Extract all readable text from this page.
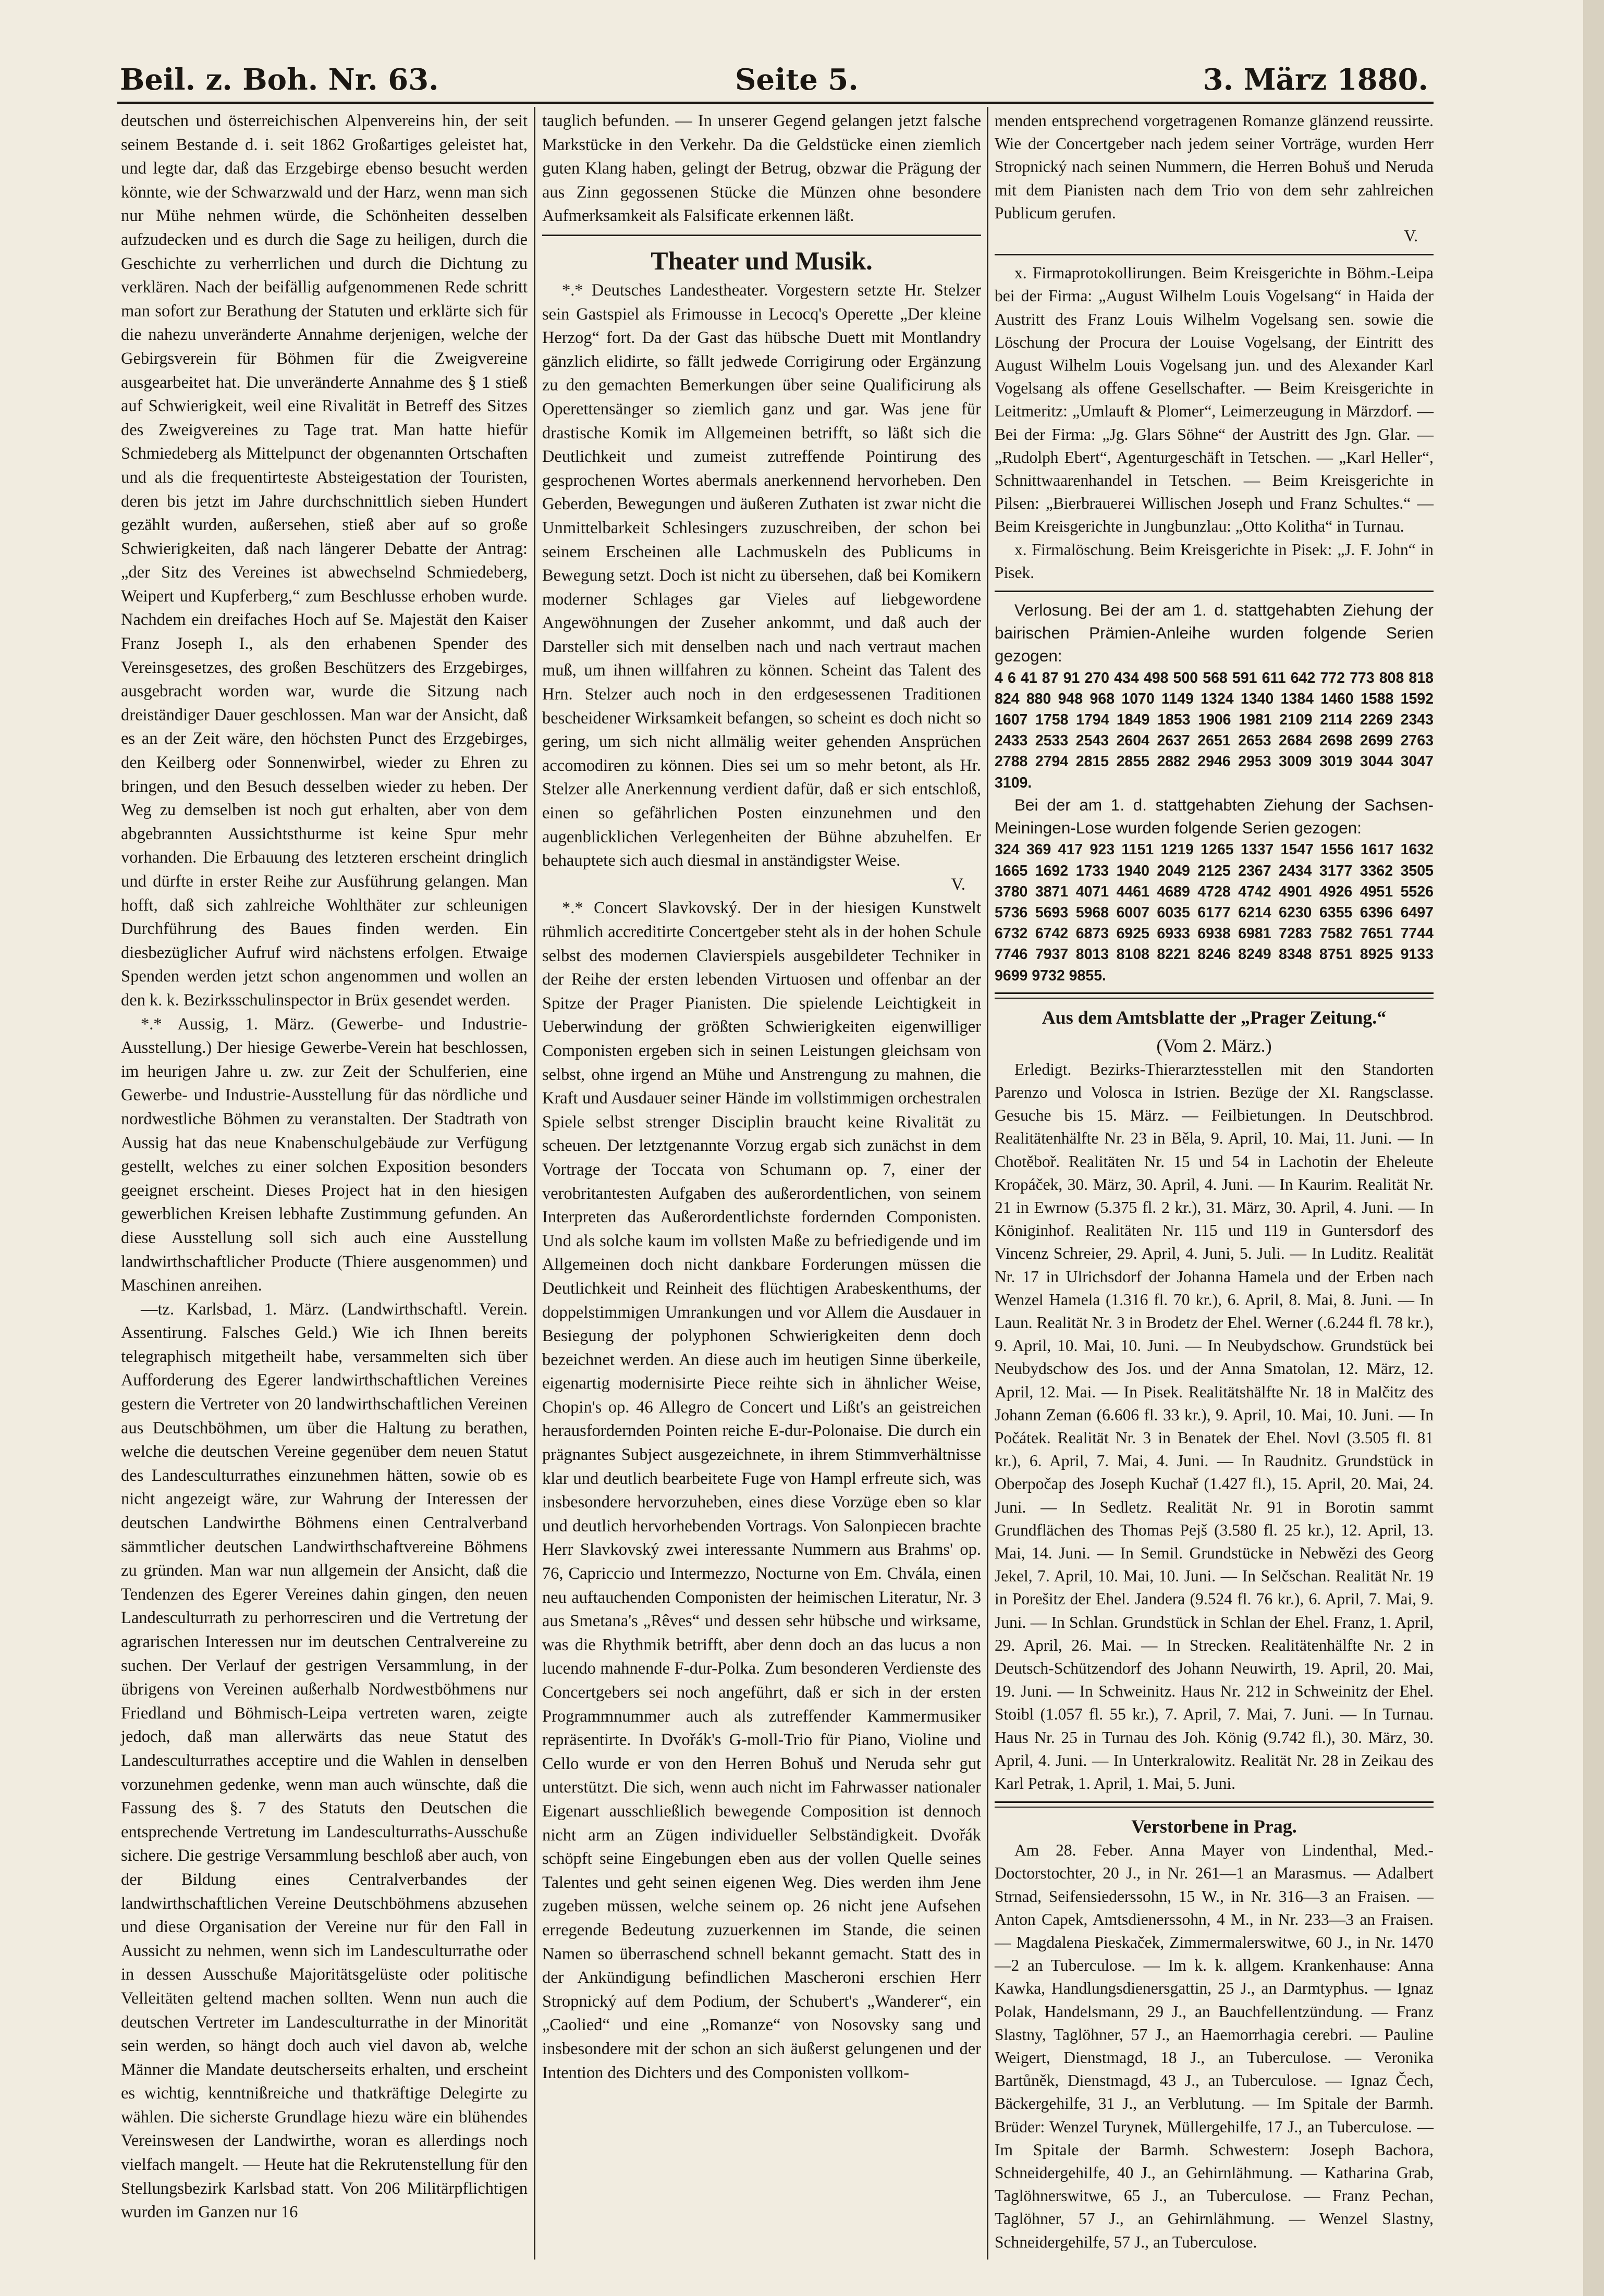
Beil. z. Boh. Nr. 63.	Seite 5.	3. März 1880.

deutschen und österreichischen Alpenvereins hin, der seit seinem Bestande d. i. seit 1862 Großartiges geleistet hat, und legte dar, daß das Erzgebirge ebenso besucht werden könnte, wie der Schwarzwald und der Harz, wenn man sich nur Mühe nehmen würde, die Schönheiten desselben aufzudecken und es durch die Sage zu heiligen, durch die Geschichte zu verherrlichen und durch die Dichtung zu verklären. Nach der beifällig aufgenommenen Rede schritt man sofort zur Berathung der Statuten und erklärte sich für die nahezu unveränderte Annahme derjenigen, welche der Gebirgsverein für Böhmen für die Zweigvereine ausgearbeitet hat. Die unveränderte Annahme des § 1 stieß auf Schwierigkeit, weil eine Rivalität in Betreff des Sitzes des Zweigvereines zu Tage trat. Man hatte hiefür Schmiedeberg als Mittelpunct der obgenannten Ortschaften und als die frequentirteste Absteigestation der Touristen, deren bis jetzt im Jahre durchschnittlich sieben Hundert gezählt wurden, außersehen, stieß aber auf so große Schwierigkeiten, daß nach längerer Debatte der Antrag: „der Sitz des Vereines ist abwechselnd Schmiedeberg, Weipert und Kupferberg,“ zum Beschlusse erhoben wurde. Nachdem ein dreifaches Hoch auf Se. Majestät den Kaiser Franz Joseph I., als den erhabenen Spender des Vereinsgesetzes, des großen Beschützers des Erzgebirges, ausgebracht worden war, wurde die Sitzung nach dreiständiger Dauer geschlossen. Man war der Ansicht, daß es an der Zeit wäre, den höchsten Punct des Erzgebirges, den Keilberg oder Sonnenwirbel, wieder zu Ehren zu bringen, und den Besuch desselben wieder zu heben. Der Weg zu demselben ist noch gut erhalten, aber von dem abgebrannten Aussichtsthurme ist keine Spur mehr vorhanden. Die Erbauung des letzteren erscheint dringlich und dürfte in erster Reihe zur Ausführung gelangen. Man hofft, daß sich zahlreiche Wohlthäter zur schleunigen Durchführung des Baues finden werden. Ein diesbezüglicher Aufruf wird nächstens erfolgen. Etwaige Spenden werden jetzt schon angenommen und wollen an den k. k. Bezirksschulinspector in Brüx gesendet werden.

*.* Aussig, 1. März. (Gewerbe- und Industrie-Ausstellung.) Der hiesige Gewerbe-Verein hat beschlossen, im heurigen Jahre u. zw. zur Zeit der Schulferien, eine Gewerbe- und Industrie-Ausstellung für das nördliche und nordwestliche Böhmen zu veranstalten. Der Stadtrath von Aussig hat das neue Knabenschulgebäude zur Verfügung gestellt, welches zu einer solchen Exposition besonders geeignet erscheint. Dieses Project hat in den hiesigen gewerblichen Kreisen lebhafte Zustimmung gefunden. An diese Ausstellung soll sich auch eine Ausstellung landwirthschaftlicher Producte (Thiere ausgenommen) und Maschinen anreihen.

—tz. Karlsbad, 1. März. (Landwirthschaftl. Verein. Assentirung. Falsches Geld.) Wie ich Ihnen bereits telegraphisch mitgetheilt habe, versammelten sich über Aufforderung des Egerer landwirthschaftlichen Vereines gestern die Vertreter von 20 landwirthschaftlichen Vereinen aus Deutschböhmen, um über die Haltung zu berathen, welche die deutschen Vereine gegenüber dem neuen Statut des Landesculturrathes einzunehmen hätten, sowie ob es nicht angezeigt wäre, zur Wahrung der Interessen der deutschen Landwirthe Böhmens einen Centralverband sämmtlicher deutschen Landwirthschaftvereine Böhmens zu gründen. Man war nun allgemein der Ansicht, daß die Tendenzen des Egerer Vereines dahin gingen, den neuen Landesculturrath zu perhorresciren und die Vertretung der agrarischen Interessen nur im deutschen Centralvereine zu suchen. Der Verlauf der gestrigen Versammlung, in der übrigens von Vereinen außerhalb Nordwestböhmens nur Friedland und Böhmisch-Leipa vertreten waren, zeigte jedoch, daß man allerwärts das neue Statut des Landesculturrathes acceptire und die Wahlen in denselben vorzunehmen gedenke, wenn man auch wünschte, daß die Fassung des §. 7 des Statuts den Deutschen die entsprechende Vertretung im Landesculturraths-Ausschuße sichere. Die gestrige Versammlung beschloß aber auch, von der Bildung eines Centralverbandes der landwirthschaftlichen Vereine Deutschböhmens abzusehen und diese Organisation der Vereine nur für den Fall in Aussicht zu nehmen, wenn sich im Landesculturrathe oder in dessen Ausschuße Majoritätsgelüste oder politische Velleitäten geltend machen sollten. Wenn nun auch die deutschen Vertreter im Landesculturrathe in der Minorität sein werden, so hängt doch auch viel davon ab, welche Männer die Mandate deutscherseits erhalten, und erscheint es wichtig, kenntnißreiche und thatkräftige Delegirte zu wählen. Die sicherste Grundlage hiezu wäre ein blühendes Vereinswesen der Landwirthe, woran es allerdings noch vielfach mangelt. — Heute hat die Rekrutenstellung für den Stellungsbezirk Karlsbad statt. Von 206 Militärpflichtigen wurden im Ganzen nur 16

tauglich befunden. — In unserer Gegend gelangen jetzt falsche Markstücke in den Verkehr. Da die Geldstücke einen ziemlich guten Klang haben, gelingt der Betrug, obzwar die Prägung der aus Zinn gegossenen Stücke die Münzen ohne besondere Aufmerksamkeit als Falsificate erkennen läßt.

Theater und Musik.

*.* Deutsches Landestheater. Vorgestern setzte Hr. Stelzer sein Gastspiel als Frimousse in Lecocq's Operette „Der kleine Herzog“ fort. Da der Gast das hübsche Duett mit Montlandry gänzlich elidirte, so fällt jedwede Corrigirung oder Ergänzung zu den gemachten Bemerkungen über seine Qualificirung als Operettensänger so ziemlich ganz und gar. Was jene für drastische Komik im Allgemeinen betrifft, so läßt sich die Deutlichkeit und zumeist zutreffende Pointirung des gesprochenen Wortes abermals anerkennend hervorheben. Den Geberden, Bewegungen und äußeren Zuthaten ist zwar nicht die Unmittelbarkeit Schlesingers zuzuschreiben, der schon bei seinem Erscheinen alle Lachmuskeln des Publicums in Bewegung setzt. Doch ist nicht zu übersehen, daß bei Komikern moderner Schlages gar Vieles auf liebgewordene Angewöhnungen der Zuseher ankommt, und daß auch der Darsteller sich mit denselben nach und nach vertraut machen muß, um ihnen willfahren zu können. Scheint das Talent des Hrn. Stelzer auch noch in den erdgesessenen Traditionen bescheidener Wirksamkeit befangen, so scheint es doch nicht so gering, um sich nicht allmälig weiter gehenden Ansprüchen accomodiren zu können. Dies sei um so mehr betont, als Hr. Stelzer alle Anerkennung verdient dafür, daß er sich entschloß, einen so gefährlichen Posten einzunehmen und den augenblicklichen Verlegenheiten der Bühne abzuhelfen. Er behauptete sich auch diesmal in anständigster Weise.

V.

*.* Concert Slavkovský. Der in der hiesigen Kunstwelt rühmlich accreditirte Concertgeber steht als in der hohen Schule selbst des modernen Clavierspiels ausgebildeter Techniker in der Reihe der ersten lebenden Virtuosen und offenbar an der Spitze der Prager Pianisten. Die spielende Leichtigkeit in Ueberwindung der größten Schwierigkeiten eigenwilliger Componisten ergeben sich in seinen Leistungen gleichsam von selbst, ohne irgend an Mühe und Anstrengung zu mahnen, die Kraft und Ausdauer seiner Hände im vollstimmigen orchestralen Spiele selbst strenger Disciplin braucht keine Rivalität zu scheuen. Der letztgenannte Vorzug ergab sich zunächst in dem Vortrage der Toccata von Schumann op. 7, einer der verobritantesten Aufgaben des außerordentlichen, von seinem Interpreten das Außerordentlichste fordernden Componisten. Und als solche kaum im vollsten Maße zu befriedigende und im Allgemeinen doch nicht dankbare Forderungen müssen die Deutlichkeit und Reinheit des flüchtigen Arabeskenthums, der doppelstimmigen Umrankungen und vor Allem die Ausdauer in Besiegung der polyphonen Schwierigkeiten denn doch bezeichnet werden. An diese auch im heutigen Sinne überkeile, eigenartig modernisirte Piece reihte sich in ähnlicher Weise, Chopin's op. 46 Allegro de Concert und Lißt's an geistreichen herausfordernden Pointen reiche E-dur-Polonaise. Die durch ein prägnantes Subject ausgezeichnete, in ihrem Stimmverhältnisse klar und deutlich bearbeitete Fuge von Hampl erfreute sich, was insbesondere hervorzuheben, eines diese Vorzüge eben so klar und deutlich hervorhebenden Vortrags. Von Salonpiecen brachte Herr Slavkovský zwei interessante Nummern aus Brahms' op. 76, Capriccio und Intermezzo, Nocturne von Em. Chvála, einen neu auftauchenden Componisten der heimischen Literatur, Nr. 3 aus Smetana's „Rêves“ und dessen sehr hübsche und wirksame, was die Rhythmik betrifft, aber denn doch an das lucus a non lucendo mahnende F-dur-Polka. Zum besonderen Verdienste des Concertgebers sei noch angeführt, daß er sich in der ersten Programmnummer auch als zutreffender Kammermusiker repräsentirte. In Dvořák's G-moll-Trio für Piano, Violine und Cello wurde er von den Herren Bohuš und Neruda sehr gut unterstützt. Die sich, wenn auch nicht im Fahrwasser nationaler Eigenart ausschließlich bewegende Composition ist dennoch nicht arm an Zügen individueller Selbständigkeit. Dvořák schöpft seine Eingebungen eben aus der vollen Quelle seines Talentes und geht seinen eigenen Weg. Dies werden ihm Jene zugeben müssen, welche seinem op. 26 nicht jene Aufsehen erregende Bedeutung zuzuerkennen im Stande, die seinen Namen so überraschend schnell bekannt gemacht. Statt des in der Ankündigung befindlichen Mascheroni erschien Herr Stropnický auf dem Podium, der Schubert's „Wanderer“, ein „Caolied“ und eine „Romanze“ von Nosovsky sang und insbesondere mit der schon an sich äußerst gelungenen und der Intention des Dichters und des Componisten vollkom-

menden entsprechend vorgetragenen Romanze glänzend reussirte. Wie der Concertgeber nach jedem seiner Vorträge, wurden Herr Stropnický nach seinen Nummern, die Herren Bohuš und Neruda mit dem Pianisten nach dem Trio von dem sehr zahlreichen Publicum gerufen.

V.

x. Firmaprotokollirungen. Beim Kreisgerichte in Böhm.-Leipa bei der Firma: „August Wilhelm Louis Vogelsang“ in Haida der Austritt des Franz Louis Wilhelm Vogelsang sen. sowie die Löschung der Procura der Louise Vogelsang, der Eintritt des August Wilhelm Louis Vogelsang jun. und des Alexander Karl Vogelsang als offene Gesellschafter. — Beim Kreisgerichte in Leitmeritz: „Umlauft & Plomer“, Leimerzeugung in Märzdorf. — Bei der Firma: „Jg. Glars Söhne“ der Austritt des Jgn. Glar. — „Rudolph Ebert“, Agenturgeschäft in Tetschen. — „Karl Heller“, Schnittwaarenhandel in Tetschen. — Beim Kreisgerichte in Pilsen: „Bierbrauerei Willischen Joseph und Franz Schultes.“ — Beim Kreisgerichte in Jungbunzlau: „Otto Kolitha“ in Turnau.

x. Firmalöschung. Beim Kreisgerichte in Pisek: „J. F. John“ in Pisek.

Verlosung. Bei der am 1. d. stattgehabten Ziehung der bairischen Prämien-Anleihe wurden folgende Serien gezogen:

4 6 41 87 91 270 434 498 500 568 591 611 642 772 773 808 818 824 880 948 968 1070 1149 1324 1340 1384 1460 1588 1592 1607 1758 1794 1849 1853 1906 1981 2109 2114 2269 2343 2433 2533 2543 2604 2637 2651 2653 2684 2698 2699 2763 2788 2794 2815 2855 2882 2946 2953 3009 3019 3044 3047 3109.

Bei der am 1. d. stattgehabten Ziehung der Sachsen-Meiningen-Lose wurden folgende Serien gezogen:

324 369 417 923 1151 1219 1265 1337 1547 1556 1617 1632 1665 1692 1733 1940 2049 2125 2367 2434 3177 3362 3505 3780 3871 4071 4461 4689 4728 4742 4901 4926 4951 5526 5736 5693 5968 6007 6035 6177 6214 6230 6355 6396 6497 6732 6742 6873 6925 6933 6938 6981 7283 7582 7651 7744 7746 7937 8013 8108 8221 8246 8249 8348 8751 8925 9133 9699 9732 9855.

Aus dem Amtsblatte der „Prager Zeitung.“
(Vom 2. März.)

Erledigt. Bezirks-Thierarztesstellen mit den Standorten Parenzo und Volosca in Istrien. Bezüge der XI. Rangsclasse. Gesuche bis 15. März. — Feilbietungen. In Deutschbrod. Realitätenhälfte Nr. 23 in Běla, 9. April, 10. Mai, 11. Juni. — In Chotěboř. Realitäten Nr. 15 und 54 in Lachotin der Eheleute Kropáček, 30. März, 30. April, 4. Juni. — In Kaurim. Realität Nr. 21 in Ewrnow (5.375 fl. 2 kr.), 31. März, 30. April, 4. Juni. — In Königinhof. Realitäten Nr. 115 und 119 in Guntersdorf des Vincenz Schreier, 29. April, 4. Juni, 5. Juli. — In Luditz. Realität Nr. 17 in Ulrichsdorf der Johanna Hamela und der Erben nach Wenzel Hamela (1.316 fl. 70 kr.), 6. April, 8. Mai, 8. Juni. — In Laun. Realität Nr. 3 in Brodetz der Ehel. Werner (.6.244 fl. 78 kr.), 9. April, 10. Mai, 10. Juni. — In Neubydschow. Grundstück bei Neubydschow des Jos. und der Anna Smatolan, 12. März, 12. April, 12. Mai. — In Pisek. Realitätshälfte Nr. 18 in Malčitz des Johann Zeman (6.606 fl. 33 kr.), 9. April, 10. Mai, 10. Juni. — In Počátek. Realität Nr. 3 in Benatek der Ehel. Novl (3.505 fl. 81 kr.), 6. April, 7. Mai, 4. Juni. — In Raudnitz. Grundstück in Oberpočap des Joseph Kuchař (1.427 fl.), 15. April, 20. Mai, 24. Juni. — In Sedletz. Realität Nr. 91 in Borotin sammt Grundflächen des Thomas Pejš (3.580 fl. 25 kr.), 12. April, 13. Mai, 14. Juni. — In Semil. Grundstücke in Nebwězi des Georg Jekel, 7. April, 10. Mai, 10. Juni. — In Selčschan. Realität Nr. 19 in Porešitz der Ehel. Jandera (9.524 fl. 76 kr.), 6. April, 7. Mai, 9. Juni. — In Schlan. Grundstück in Schlan der Ehel. Franz, 1. April, 29. April, 26. Mai. — In Strecken. Realitätenhälfte Nr. 2 in Deutsch-Schützendorf des Johann Neuwirth, 19. April, 20. Mai, 19. Juni. — In Schweinitz. Haus Nr. 212 in Schweinitz der Ehel. Stoibl (1.057 fl. 55 kr.), 7. April, 7. Mai, 7. Juni. — In Turnau. Haus Nr. 25 in Turnau des Joh. König (9.742 fl.), 30. März, 30. April, 4. Juni. — In Unterkralowitz. Realität Nr. 28 in Zeikau des Karl Petrak, 1. April, 1. Mai, 5. Juni.

Verstorbene in Prag.

Am 28. Feber. Anna Mayer von Lindenthal, Med.-Doctorstochter, 20 J., in Nr. 261—1 an Marasmus. — Adalbert Strnad, Seifensiederssohn, 15 W., in Nr. 316—3 an Fraisen. — Anton Capek, Amtsdienerssohn, 4 M., in Nr. 233—3 an Fraisen. — Magdalena Pieskaček, Zimmermalerswitwe, 60 J., in Nr. 1470—2 an Tuberculose. — Im k. k. allgem. Krankenhause: Anna Kawka, Handlungsdienersgattin, 25 J., an Darmtyphus. — Ignaz Polak, Handelsmann, 29 J., an Bauchfellentzündung. — Franz Slastny, Taglöhner, 57 J., an Haemorrhagia cerebri. — Pauline Weigert, Dienstmagd, 18 J., an Tuberculose. — Veronika Bartůněk, Dienstmagd, 43 J., an Tuberculose. — Ignaz Čech, Bäckergehilfe, 31 J., an Verblutung. — Im Spitale der Barmh. Brüder: Wenzel Turynek, Müllergehilfe, 17 J., an Tuberculose. — Im Spitale der Barmh. Schwestern: Joseph Bachora, Schneidergehilfe, 40 J., an Gehirnlähmung. — Katharina Grab, Taglöhnerswitwe, 65 J., an Tuberculose. — Franz Pechan, Taglöhner, 57 J., an Gehirnlähmung. — Wenzel Slastny, Schneidergehilfe, 57 J., an Tuberculose.
